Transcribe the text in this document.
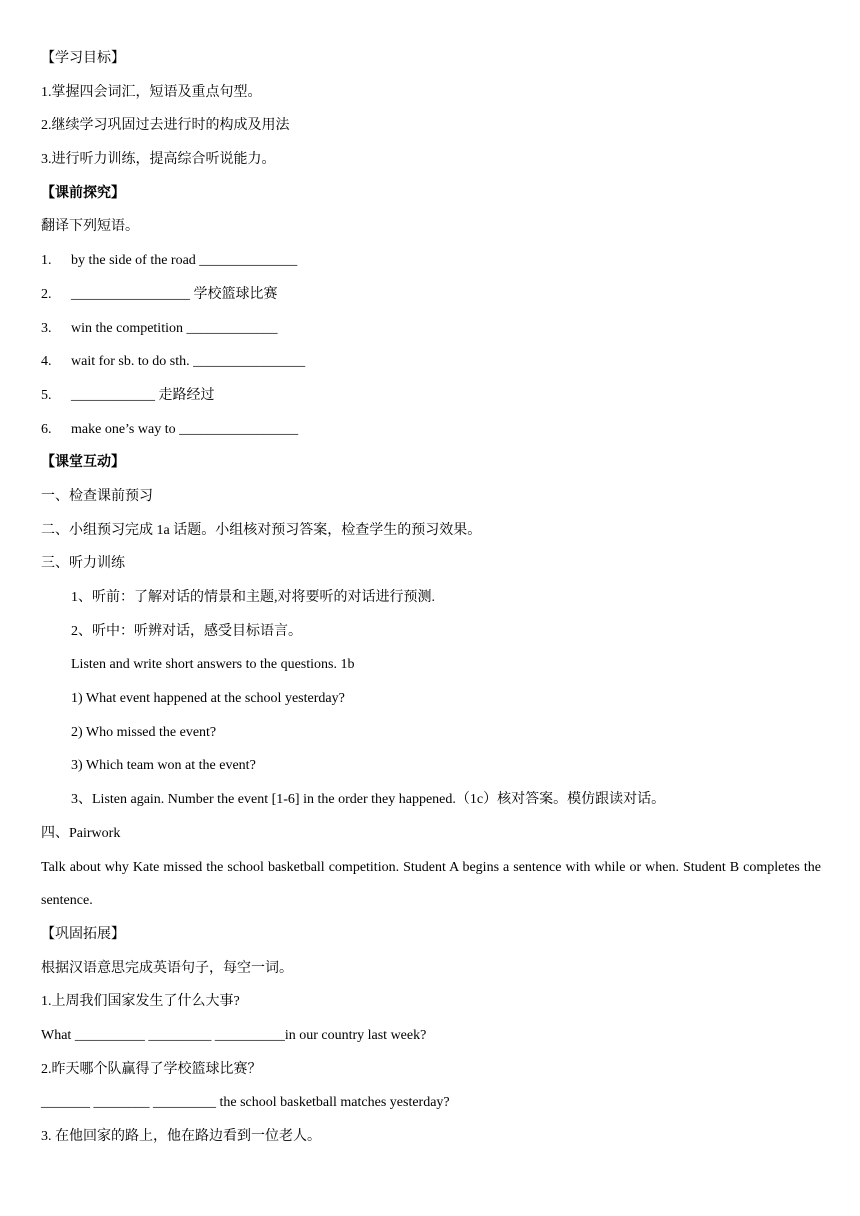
【学习目标】
1.掌握四会词汇，短语及重点句型。
2.继续学习巩固过去进行时的构成及用法
3.进行听力训练，提高综合听说能力。
【课前探究】
翻译下列短语。
1. by the side of the road ______________
2. _________________ 学校篮球比赛
3. win the competition _____________
4. wait for sb. to do sth. ________________
5. ____________ 走路经过
6. make one’s way to _________________
【课堂互动】
一、检查课前预习
二、小组预习完成 1a 话题。小组核对预习答案，检查学生的预习效果。
三、听力训练
1、听前：了解对话的情景和主题,对将要听的对话进行预测.
2、听中：听辨对话，感受目标语言。
Listen and write short answers to the questions. 1b
1) What event happened at the school yesterday?
2) Who missed the event?
3) Which team won at the event?
3、Listen again. Number the event [1-6] in the order they happened.（1c）核对答案。模仿跟读对话。
四、Pairwork
Talk about why Kate missed the school basketball competition. Student A begins a sentence with while or when. Student B completes the sentence.
【巩固拓展】
根据汉语意思完成英语句子，每空一词。
1.上周我们国家发生了什么大事?
What __________ _________ __________in our country last week?
2.昨天哪个队赢得了学校篮球比赛？
_______ ________ _________ the school basketball matches yesterday?
3. 在他回家的路上，他在路边看到一位老人。
